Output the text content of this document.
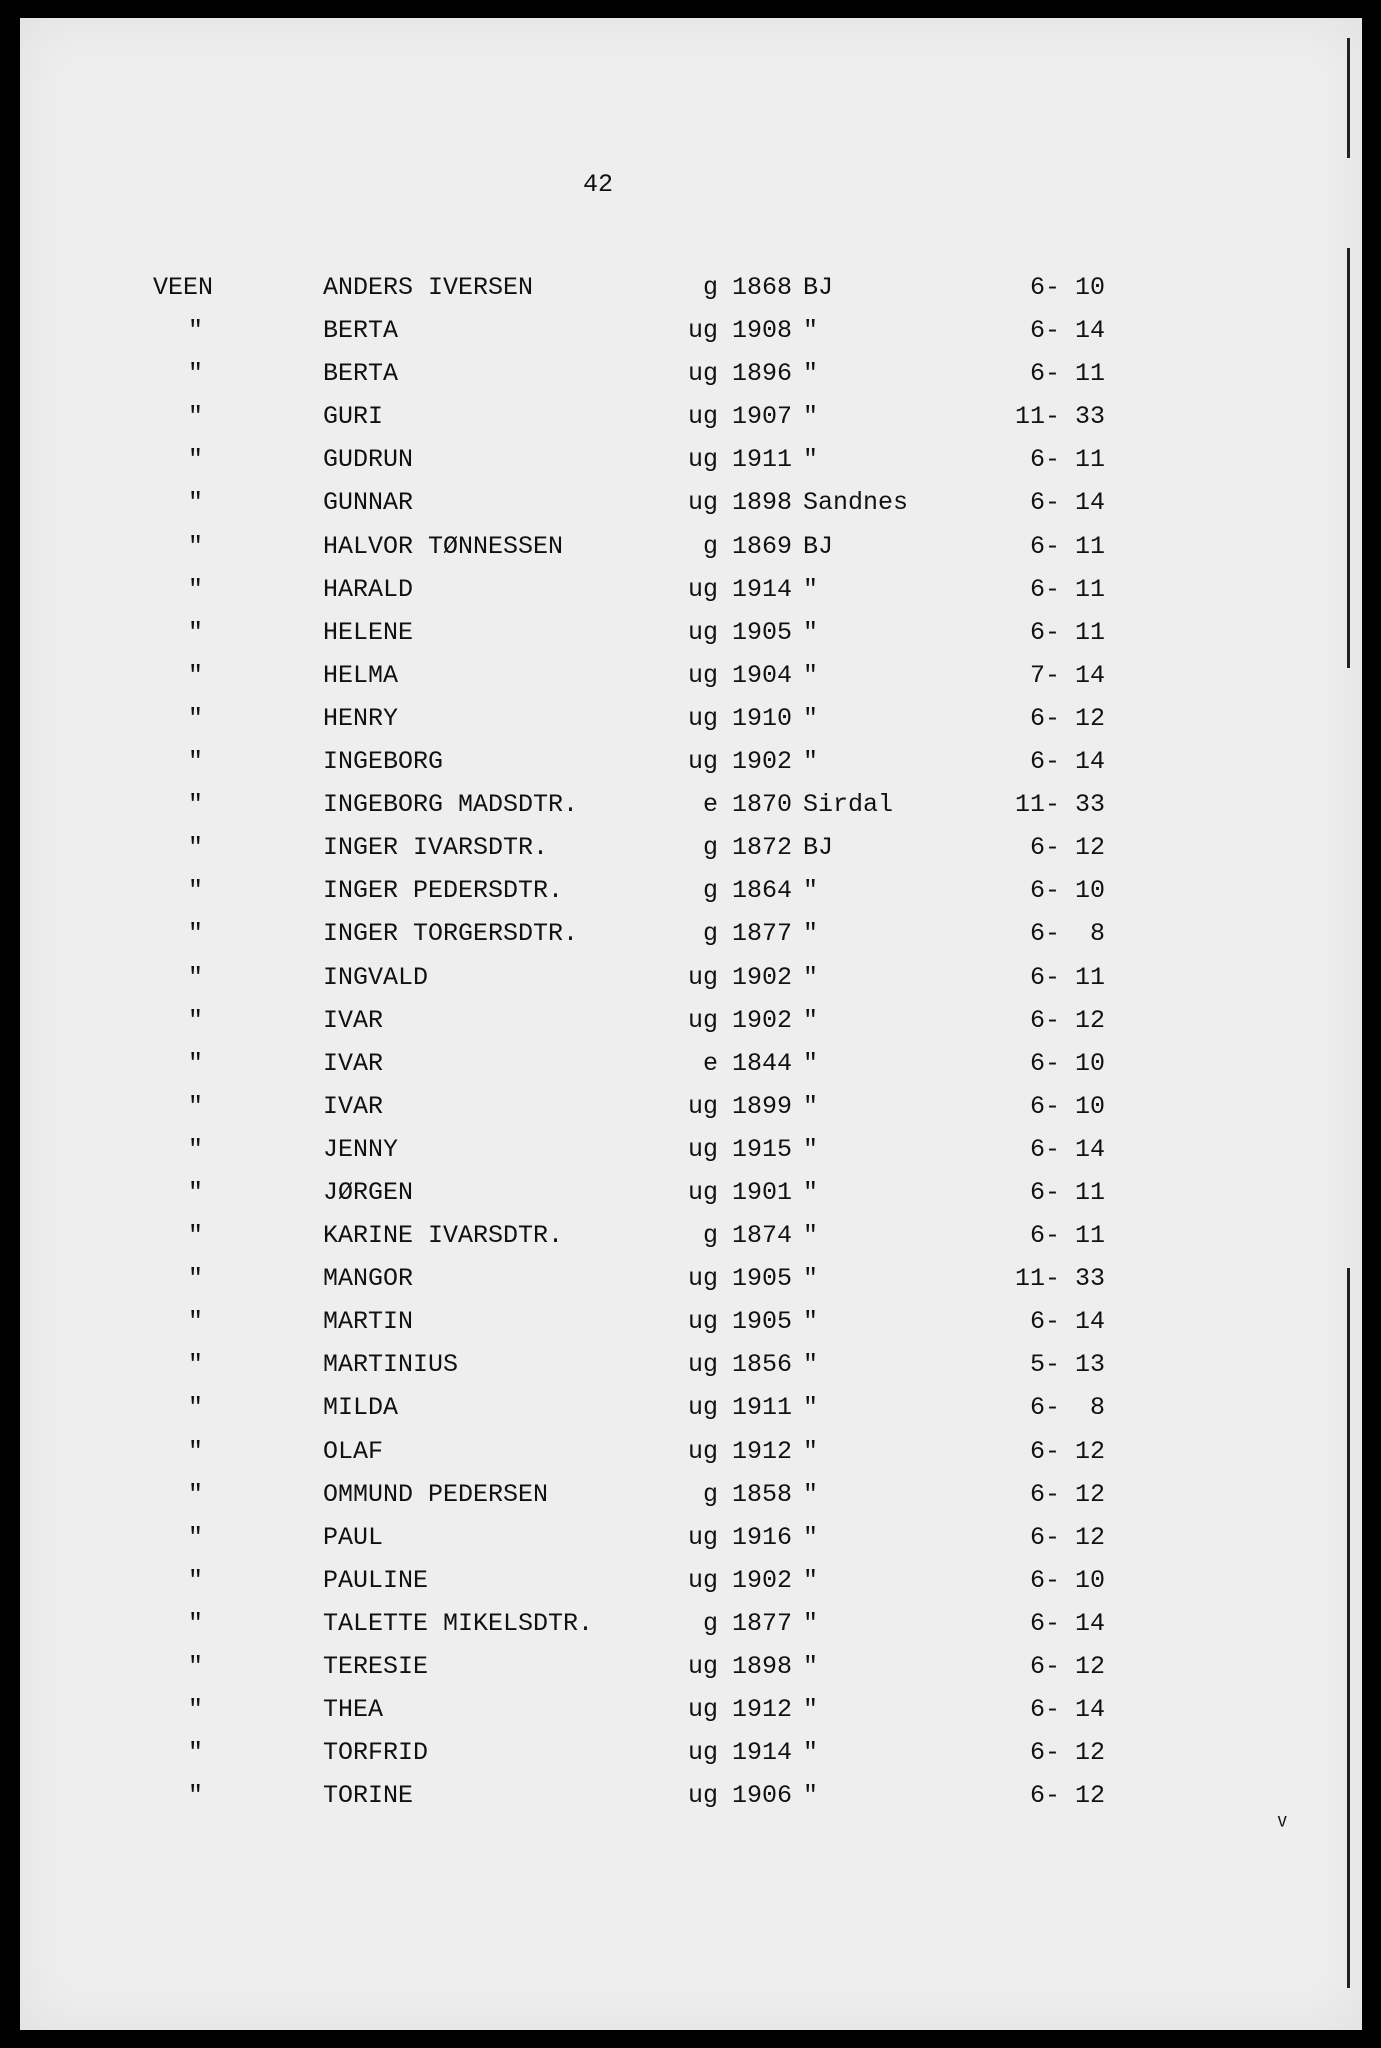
42
VEEN	ANDERS IVERSEN	g 1868 BJ	6- 10
"	BERTA	ug 1908 "	6- 14
"	BERTA	ug 1896 "	6- 11
"	GURI	ug 1907 "	11- 33
"	GUDRUN	ug 1911 "	6- 11
"	GUNNAR	ug 1898 Sandnes	6- 14
"	HALVOR TØNNESSEN	g 1869 BJ	6- 11
"	HARALD	ug 1914 "	6- 11
"	HELENE	ug 1905 "	6- 11
"	HELMA	ug 1904 "	7- 14
"	HENRY	ug 1910 "	6- 12
"	INGEBORG	ug 1902 "	6- 14
"	INGEBORG MADSDTR.	e 1870 Sirdal	11- 33
"	INGER IVARSDTR.	g 1872 BJ	6- 12
"	INGER PEDERSDTR.	g 1864 "	6- 10
"	INGER TORGERSDTR.	g 1877 "	6-  8
"	INGVALD	ug 1902 "	6- 11
"	IVAR	ug 1902 "	6- 12
"	IVAR	e 1844 "	6- 10
"	IVAR	ug 1899 "	6- 10
"	JENNY	ug 1915 "	6- 14
"	JØRGEN	ug 1901 "	6- 11
"	KARINE IVARSDTR.	g 1874 "	6- 11
"	MANGOR	ug 1905 "	11- 33
"	MARTIN	ug 1905 "	6- 14
"	MARTINIUS	ug 1856 "	5- 13
"	MILDA	ug 1911 "	6-  8
"	OLAF	ug 1912 "	6- 12
"	OMMUND PEDERSEN	g 1858 "	6- 12
"	PAUL	ug 1916 "	6- 12
"	PAULINE	ug 1902 "	6- 10
"	TALETTE MIKELSDTR.	g 1877 "	6- 14
"	TERESIE	ug 1898 "	6- 12
"	THEA	ug 1912 "	6- 14
"	TORFRID	ug 1914 "	6- 12
"	TORINE	ug 1906 "	6- 12
ⱽ
